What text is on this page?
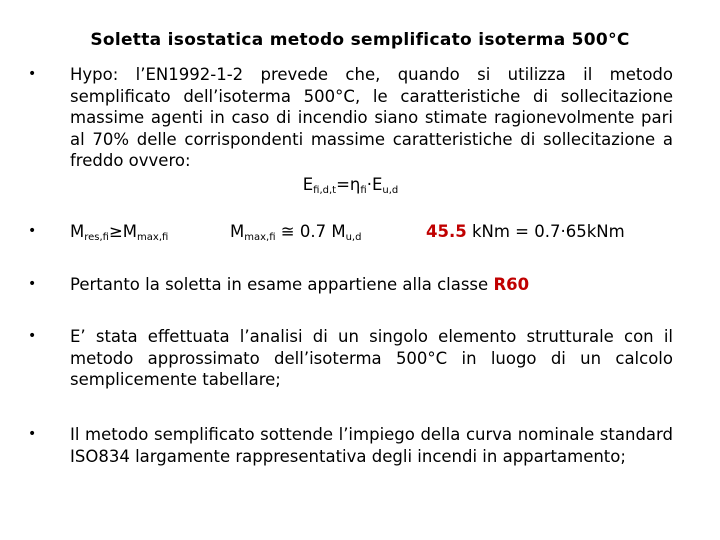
Soletta isostatica metodo semplificato isoterma 500°C
• Hypo: l’EN1992-1-2 prevede che, quando si utilizza il metodo semplificato dell’isoterma 500°C, le caratteristiche di sollecitazione massime agenti in caso di incendio siano stimate ragionevolmente pari al 70% delle corrispondenti massime caratteristiche di sollecitazione a freddo ovvero:
$E_{fi,d,t}=\eta_{fi}\cdot E_{u,d}$
• $M_{res,fi}\ge M_{max,fi}$	$M_{max,fi}$ ≅ 0.7 $M_{u,d}$	45.5 kNm = 0.7·65kNm
• Pertanto la soletta in esame appartiene alla classe R60
• E’ stata effettuata l’analisi di un singolo elemento strutturale con il metodo approssimato dell’isoterma 500°C in luogo di un calcolo semplicemente tabellare;
• Il metodo semplificato sottende l’impiego della curva nominale standard ISO834 largamente rappresentativa degli incendi in appartamento;
